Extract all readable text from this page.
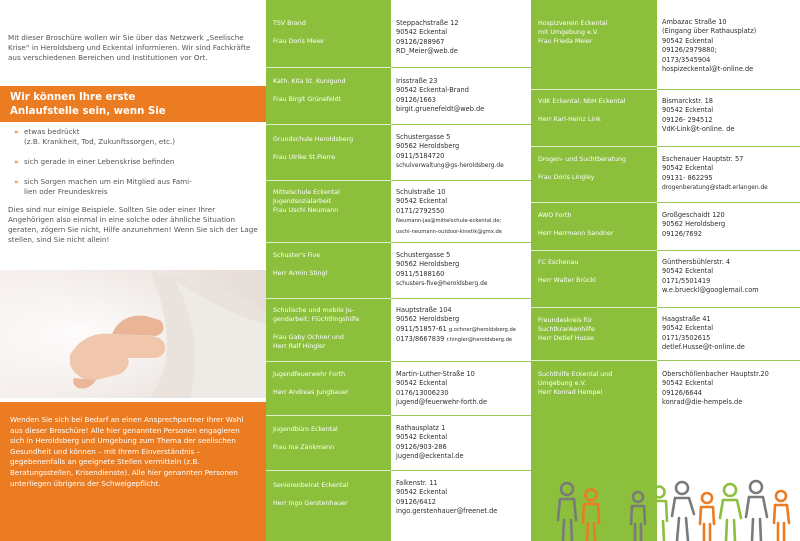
Mit dieser Broschüre wollen wir Sie über das Netzwerk „Seelische Krise“ in Heroldsberg und Eckental informieren. Wir sind Fachkräfte aus verschiedenen Bereichen und Institutionen vor Ort.

Wir können Ihre erste
Anlaufstelle sein, wenn Sie
» etwas bedrückt
(z.B. Krankheit, Tod, Zukunftssorgen, etc.)
» sich gerade in einer Lebenskrise befinden
» sich Sorgen machen um ein Mitglied aus Fami-
lien oder Freundeskreis

Dies sind nur einige Beispiele. Sollten Sie oder einer Ihrer Angehörigen also einmal in eine solche oder ähnliche Situation geraten, zögern Sie nicht, Hilfe anzunehmen! Wenn Sie sich der Lage stellen, sind Sie nicht allein!

Wenden Sie sich bei Bedarf an einen Ansprechpartner Ihrer Wahl aus dieser Broschüre! Alle hier genannten Personen engagieren sich in Heroldsberg und Umgebung zum Thema der seelischen Gesundheit und können – mit Ihrem Einverständnis – gegebenenfalls an geeignete Stellen vermitteln (z.B. Beratungsstellen, Krisendienste). Alle hier genannten Personen unterliegen übrigens der Schweigepflicht.

TSV Brand
Frau Doris Meier
Kath. Kita St. Kunigund
Frau Birgit Grünefeldt
Grundschule Heroldsberg
Frau Ulrike St.Pierre
Mittelschule Eckental
Jugendsozialarbeit
Frau Uschi Neumann
Schuster's Five
Herr Armin Stingl
Schulische und mobile Ju-
gendarbeit; Flüchtlingshilfe
Frau Gaby Ochner und
Herr Ralf Hingler
Jugendfeuerwehr Forth
Herr Andreas Jungbauer
Jugendbüro Eckental
Frau Ina Zänkmann
Seniorenbeirat Eckental
Herr Ingo Gerstenhauer
Steppachstraße 12
90542 Eckental
09126/288967
RD_Meier@web.de
Irisstraße 23
90542 Eckental-Brand
09126/1663
birgit.gruenefeldt@web.de
Schustergasse 5
90562 Heroldsberg
0911/5184720
schulverwaltung@gs-heroldsberg.de
Schulstraße 10
90542 Eckental
0171/2792550
Neumann-jas@mittelschule-eckental.de;
uschi-neumann-outdoor-kinetik@gmx.de
Schustergasse 5
90562 Heroldsberg
0911/5188160
schusters-five@heroldsberg.de
Hauptstraße 104
90562 Heroldsberg
0911/51857-61 g.ochner@heroldsberg.de
0173/8667839 r.hingler@heroldsberg.de
Martin-Luther-Straße 10
90542 Eckental
0176/13006230
jugend@feuerwehr-forth.de
Rathausplatz 1
90542 Eckental
09126/903-286
jugend@eckental.de
Falkenstr. 11
90542 Eckental
09126/6412
ingo.gerstenhauer@freenet.de
Hospizverein Eckental
mit Umgebung e.V.
Frau Frieda Meier
VdK Eckental, NbH Eckental
Herr Karl-Heinz Link
Drogen- und Suchtberatung
Frau Doris Lingley
AWO Forth
Herr Herrmann Sandner
FC Eschenau
Herr Walter Brückl
Freundeskreis für
Suchtkrankenhilfe
Herr Detlef Husse
Suchthilfe Eckental und
Umgebung e.V.
Herr Konrad Hempel
Ambazac Straße 10
(Eingang über Rathausplatz)
90542 Eckental
09126/2979880;
0173/3545904
hospizeckental@t-online.de
Bismarckstr. 18
90542 Eckental
09126- 294512
VdK-Link@t-online. de
Eschenauer Hauptstr. 57
90542 Eckental
09131- 862295
drogenberatung@stadt.erlangen.de
Großgeschaidt 120
90562 Heroldsberg
09126/7692
Günthersbühlerstr. 4
90542 Eckental
0171/5501419
w.e.brueckl@googlemail.com
Haagstraße 41
90542 Eckental
0171/3502615
detlef.Husse@t-online.de
Oberschöllenbacher Hauptstr.20
90542 Eckental
09126/6644
konrad@die-hempels.de
